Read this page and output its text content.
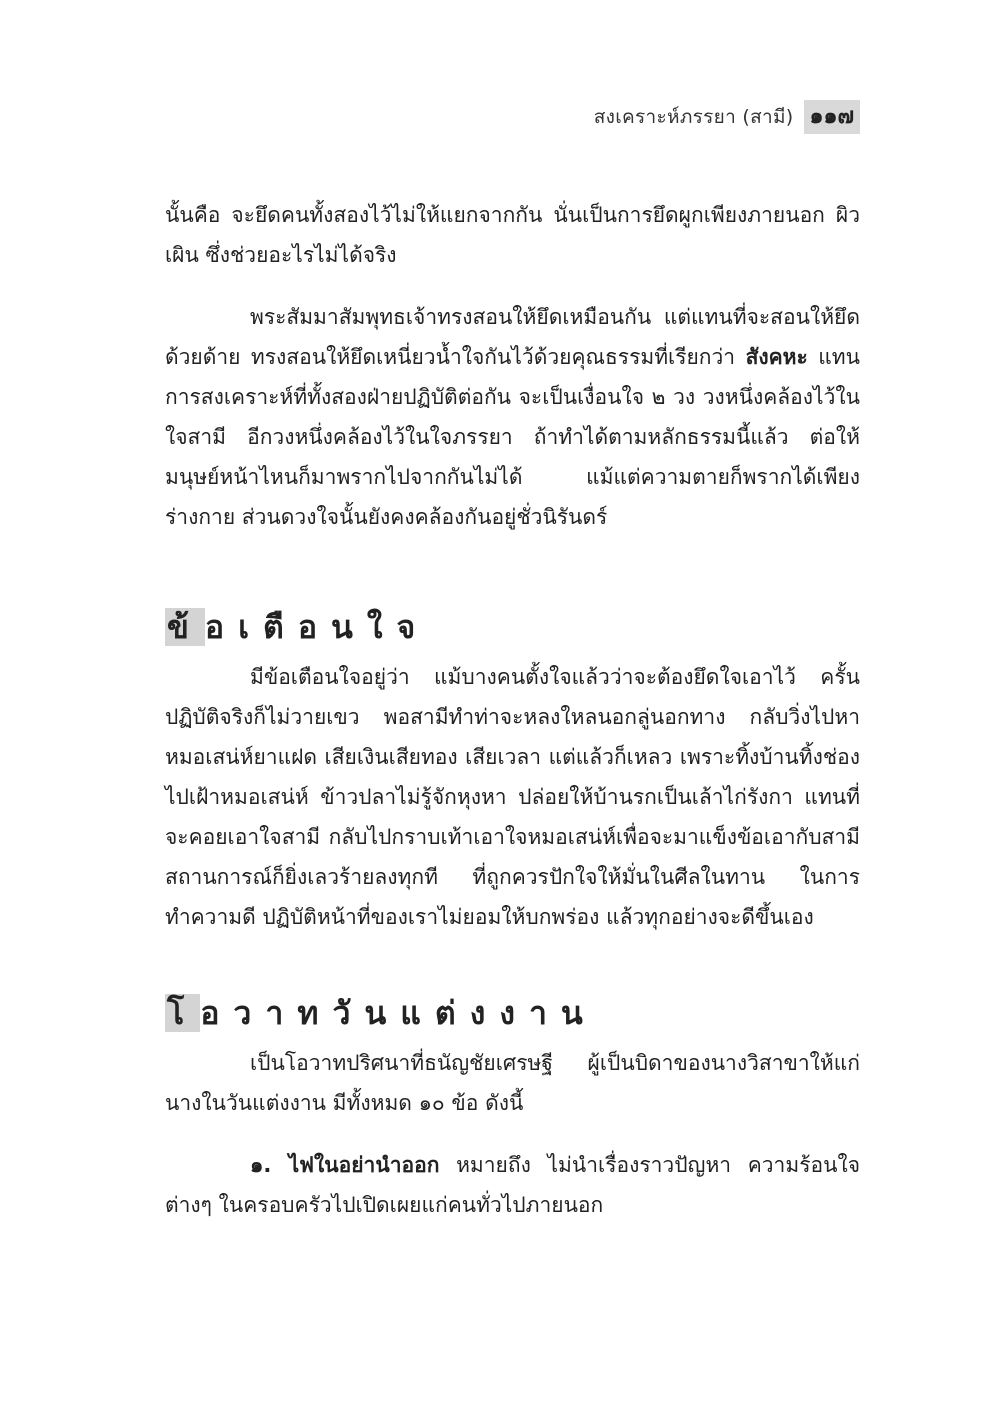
สงเคราะห์ภรรยา (สามี) ๑๑๗

นั้นคือ จะยึดคนทั้งสองไว้ไม่ให้แยกจากกัน นั่นเป็นการยึดผูกเพียงภายนอก ผิวเผิน ซึ่งช่วยอะไรไม่ได้จริง

พระสัมมาสัมพุทธเจ้าทรงสอนให้ยึดเหมือนกัน แต่แทนที่จะสอนให้ยึดด้วยด้าย ทรงสอนให้ยึดเหนี่ยวน้ำใจกันไว้ด้วยคุณธรรมที่เรียกว่า สังคหะ แทนการสงเคราะห์ที่ทั้งสองฝ่ายปฏิบัติต่อกัน จะเป็นเงื่อนใจ ๒ วง วงหนึ่งคล้องไว้ในใจสามี อีกวงหนึ่งคล้องไว้ในใจภรรยา ถ้าทำได้ตามหลักธรรมนี้แล้ว ต่อให้มนุษย์หน้าไหนก็มาพรากไปจากกันไม่ได้ แม้แต่ความตายก็พรากได้เพียงร่างกาย ส่วนดวงใจนั้นยังคงคล้องกันอยู่ชั่วนิรันดร์

ข้อเตือนใจ

มีข้อเตือนใจอยู่ว่า แม้บางคนตั้งใจแล้วว่าจะต้องยึดใจเอาไว้ ครั้นปฏิบัติจริงก็ไม่วายเขว พอสามีทำท่าจะหลงใหลนอกลู่นอกทาง กลับวิ่งไปหาหมอเสน่ห์ยาแฝด เสียเงินเสียทอง เสียเวลา แต่แล้วก็เหลว เพราะทิ้งบ้านทิ้งช่องไปเฝ้าหมอเสน่ห์ ข้าวปลาไม่รู้จักหุงหา ปล่อยให้บ้านรกเป็นเล้าไก่รังกา แทนที่จะคอยเอาใจสามี กลับไปกราบเท้าเอาใจหมอเสน่ห์เพื่อจะมาแข็งข้อเอากับสามี สถานการณ์ก็ยิ่งเลวร้ายลงทุกที ที่ถูกควรปักใจให้มั่นในศีลในทาน ในการทำความดี ปฏิบัติหน้าที่ของเราไม่ยอมให้บกพร่อง แล้วทุกอย่างจะดีขึ้นเอง

โอวาทวันแต่งงาน

เป็นโอวาทปริศนาที่ธนัญชัยเศรษฐี ผู้เป็นบิดาของนางวิสาขาให้แก่นางในวันแต่งงาน มีทั้งหมด ๑๐ ข้อ ดังนี้

๑. ไฟในอย่านำออก หมายถึง ไม่นำเรื่องราวปัญหา ความร้อนใจต่างๆ ในครอบครัวไปเปิดเผยแก่คนทั่วไปภายนอก
